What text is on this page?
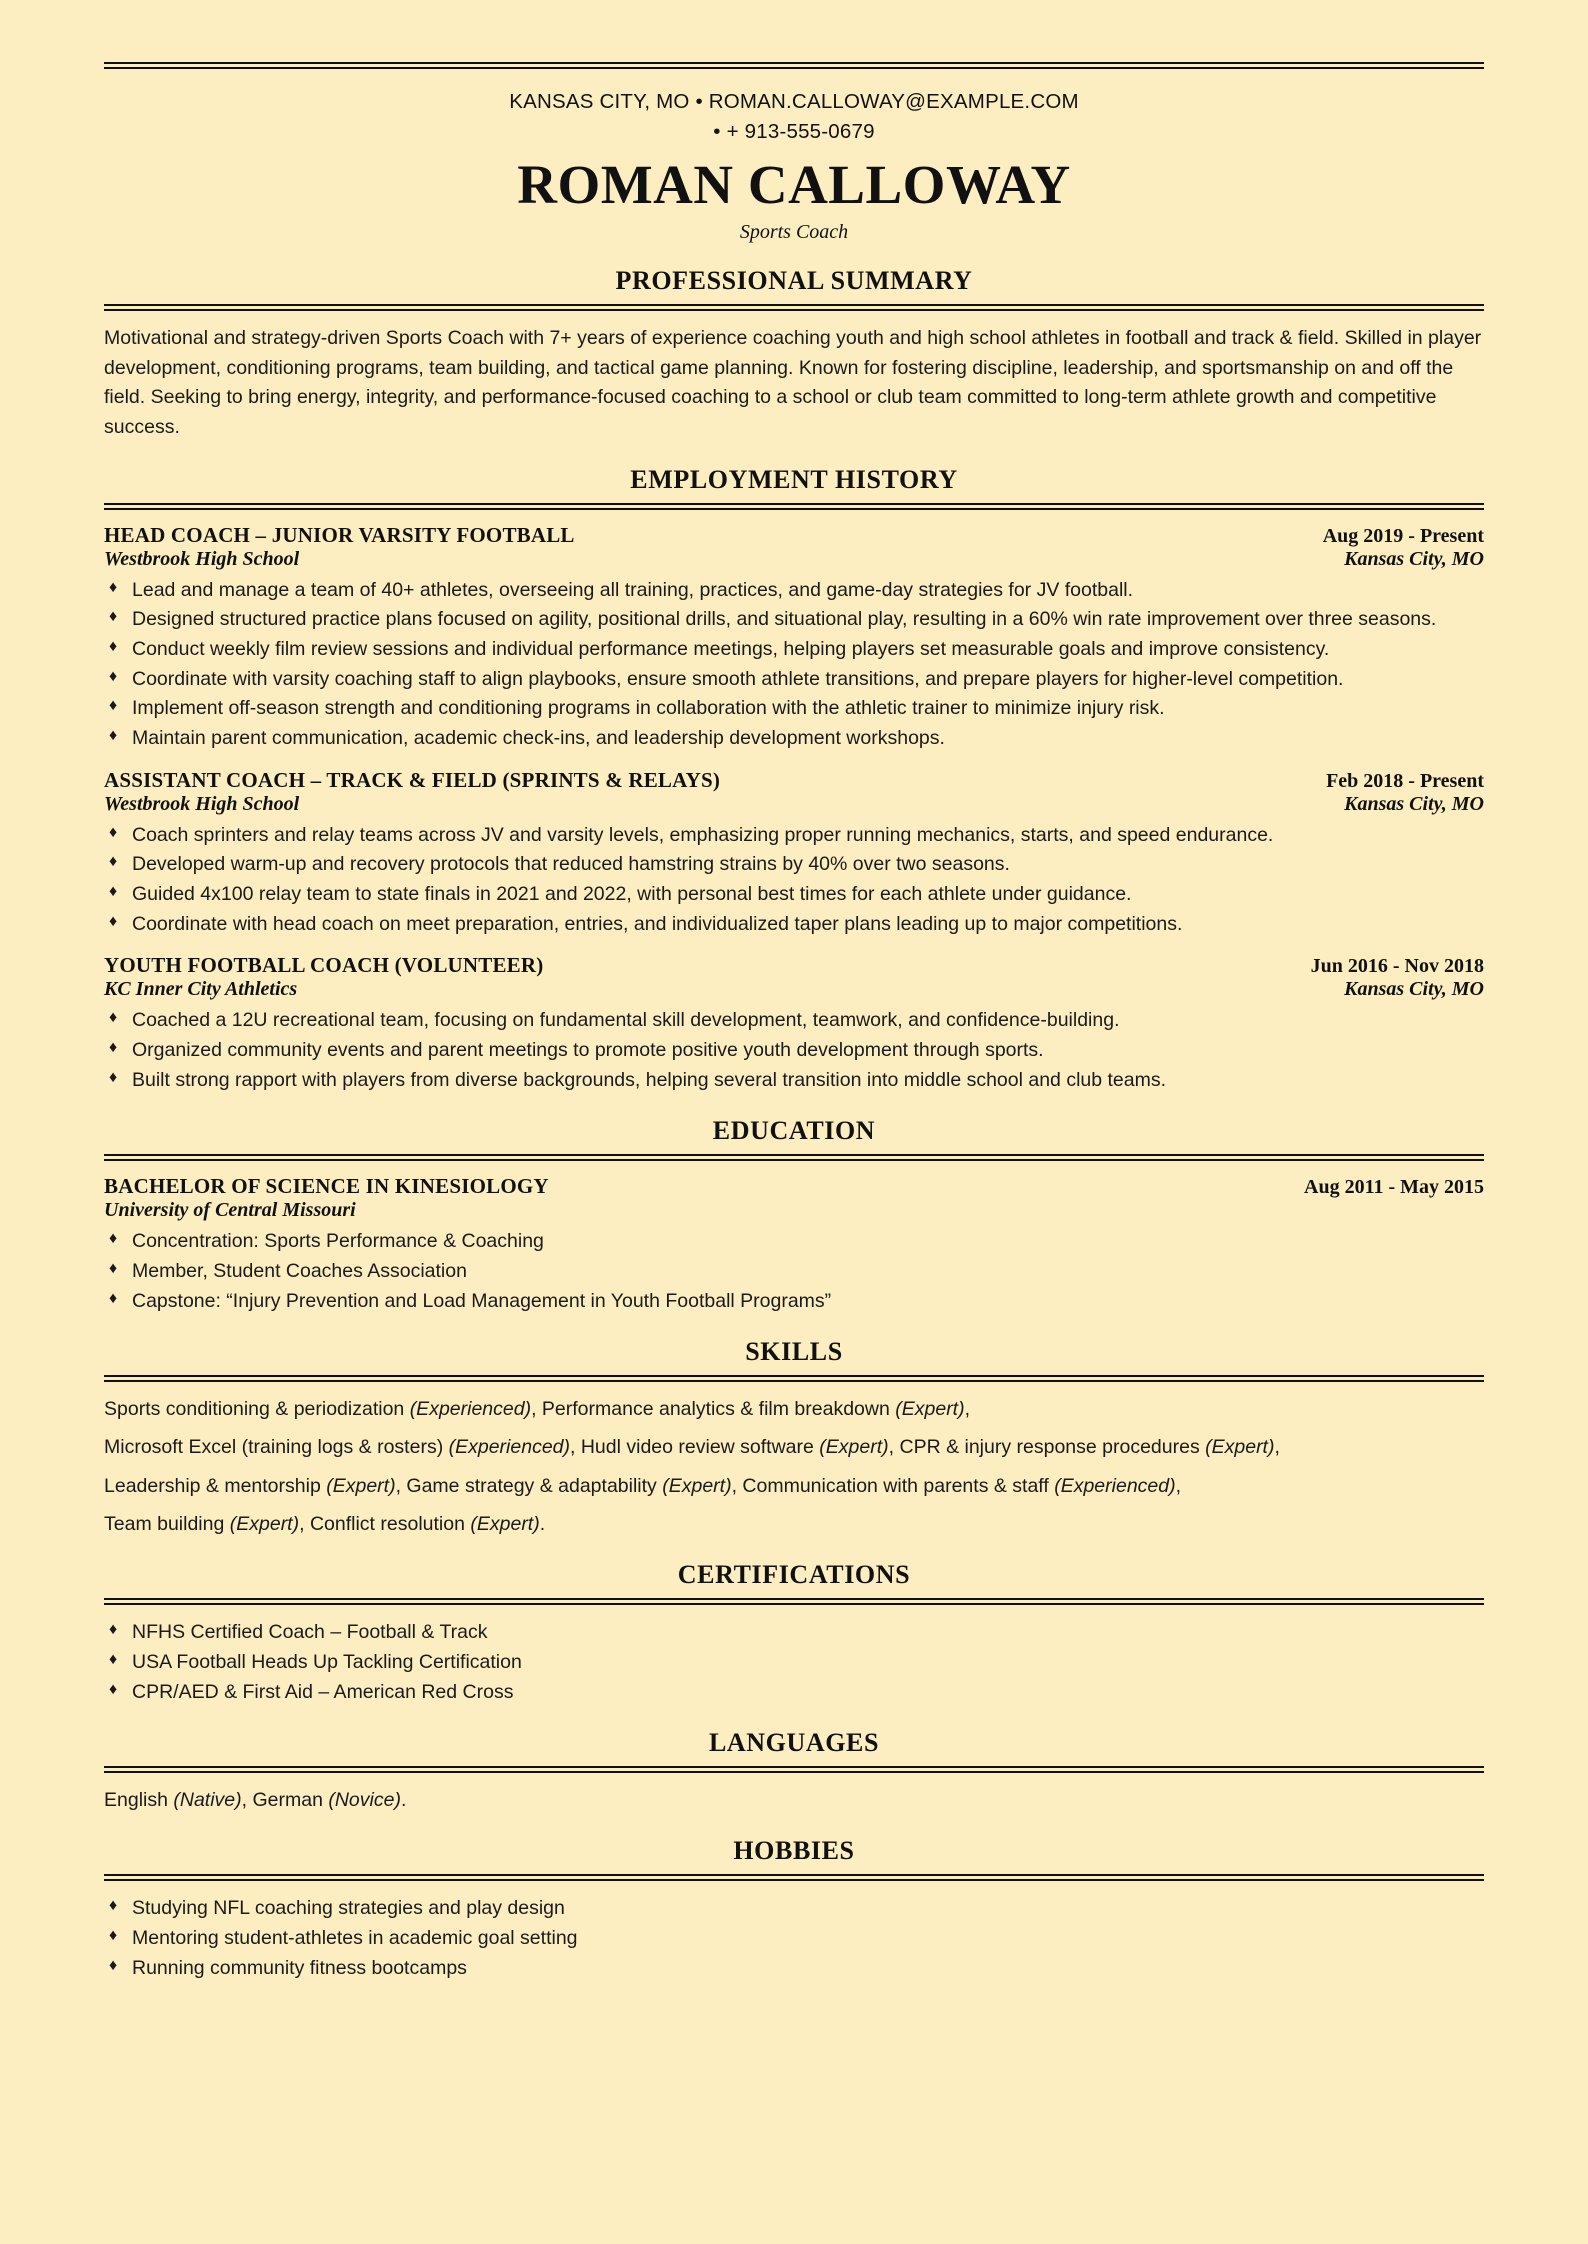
KANSAS CITY, MO • ROMAN.CALLOWAY@EXAMPLE.COM
• + 913-555-0679
ROMAN CALLOWAY
Sports Coach
PROFESSIONAL SUMMARY
Motivational and strategy-driven Sports Coach with 7+ years of experience coaching youth and high school athletes in football and track & field. Skilled in player development, conditioning programs, team building, and tactical game planning. Known for fostering discipline, leadership, and sportsmanship on and off the field. Seeking to bring energy, integrity, and performance-focused coaching to a school or club team committed to long-term athlete growth and competitive success.
EMPLOYMENT HISTORY
HEAD COACH – JUNIOR VARSITY FOOTBALL	Aug 2019 - Present
Westbrook High School	Kansas City, MO
♦ Lead and manage a team of 40+ athletes, overseeing all training, practices, and game-day strategies for JV football.
♦ Designed structured practice plans focused on agility, positional drills, and situational play, resulting in a 60% win rate improvement over three seasons.
♦ Conduct weekly film review sessions and individual performance meetings, helping players set measurable goals and improve consistency.
♦ Coordinate with varsity coaching staff to align playbooks, ensure smooth athlete transitions, and prepare players for higher-level competition.
♦ Implement off-season strength and conditioning programs in collaboration with the athletic trainer to minimize injury risk.
♦ Maintain parent communication, academic check-ins, and leadership development workshops.
ASSISTANT COACH – TRACK & FIELD (SPRINTS & RELAYS)	Feb 2018 - Present
Westbrook High School	Kansas City, MO
♦ Coach sprinters and relay teams across JV and varsity levels, emphasizing proper running mechanics, starts, and speed endurance.
♦ Developed warm-up and recovery protocols that reduced hamstring strains by 40% over two seasons.
♦ Guided 4x100 relay team to state finals in 2021 and 2022, with personal best times for each athlete under guidance.
♦ Coordinate with head coach on meet preparation, entries, and individualized taper plans leading up to major competitions.
YOUTH FOOTBALL COACH (VOLUNTEER)	Jun 2016 - Nov 2018
KC Inner City Athletics	Kansas City, MO
♦ Coached a 12U recreational team, focusing on fundamental skill development, teamwork, and confidence-building.
♦ Organized community events and parent meetings to promote positive youth development through sports.
♦ Built strong rapport with players from diverse backgrounds, helping several transition into middle school and club teams.
EDUCATION
BACHELOR OF SCIENCE IN KINESIOLOGY	Aug 2011 - May 2015
University of Central Missouri
♦ Concentration: Sports Performance & Coaching
♦ Member, Student Coaches Association
♦ Capstone: “Injury Prevention and Load Management in Youth Football Programs”
SKILLS

Sports conditioning & periodization (Experienced), Performance analytics & film breakdown (Expert),

Microsoft Excel (training logs & rosters) (Experienced), Hudl video review software (Expert), CPR & injury response procedures (Expert),

Leadership & mentorship (Expert), Game strategy & adaptability (Expert), Communication with parents & staff (Experienced),

Team building (Expert), Conflict resolution (Expert).

CERTIFICATIONS
♦ NFHS Certified Coach – Football & Track
♦ USA Football Heads Up Tackling Certification
♦ CPR/AED & First Aid – American Red Cross
LANGUAGES
English (Native), German (Novice).
HOBBIES
♦ Studying NFL coaching strategies and play design
♦ Mentoring student-athletes in academic goal setting
♦ Running community fitness bootcamps
